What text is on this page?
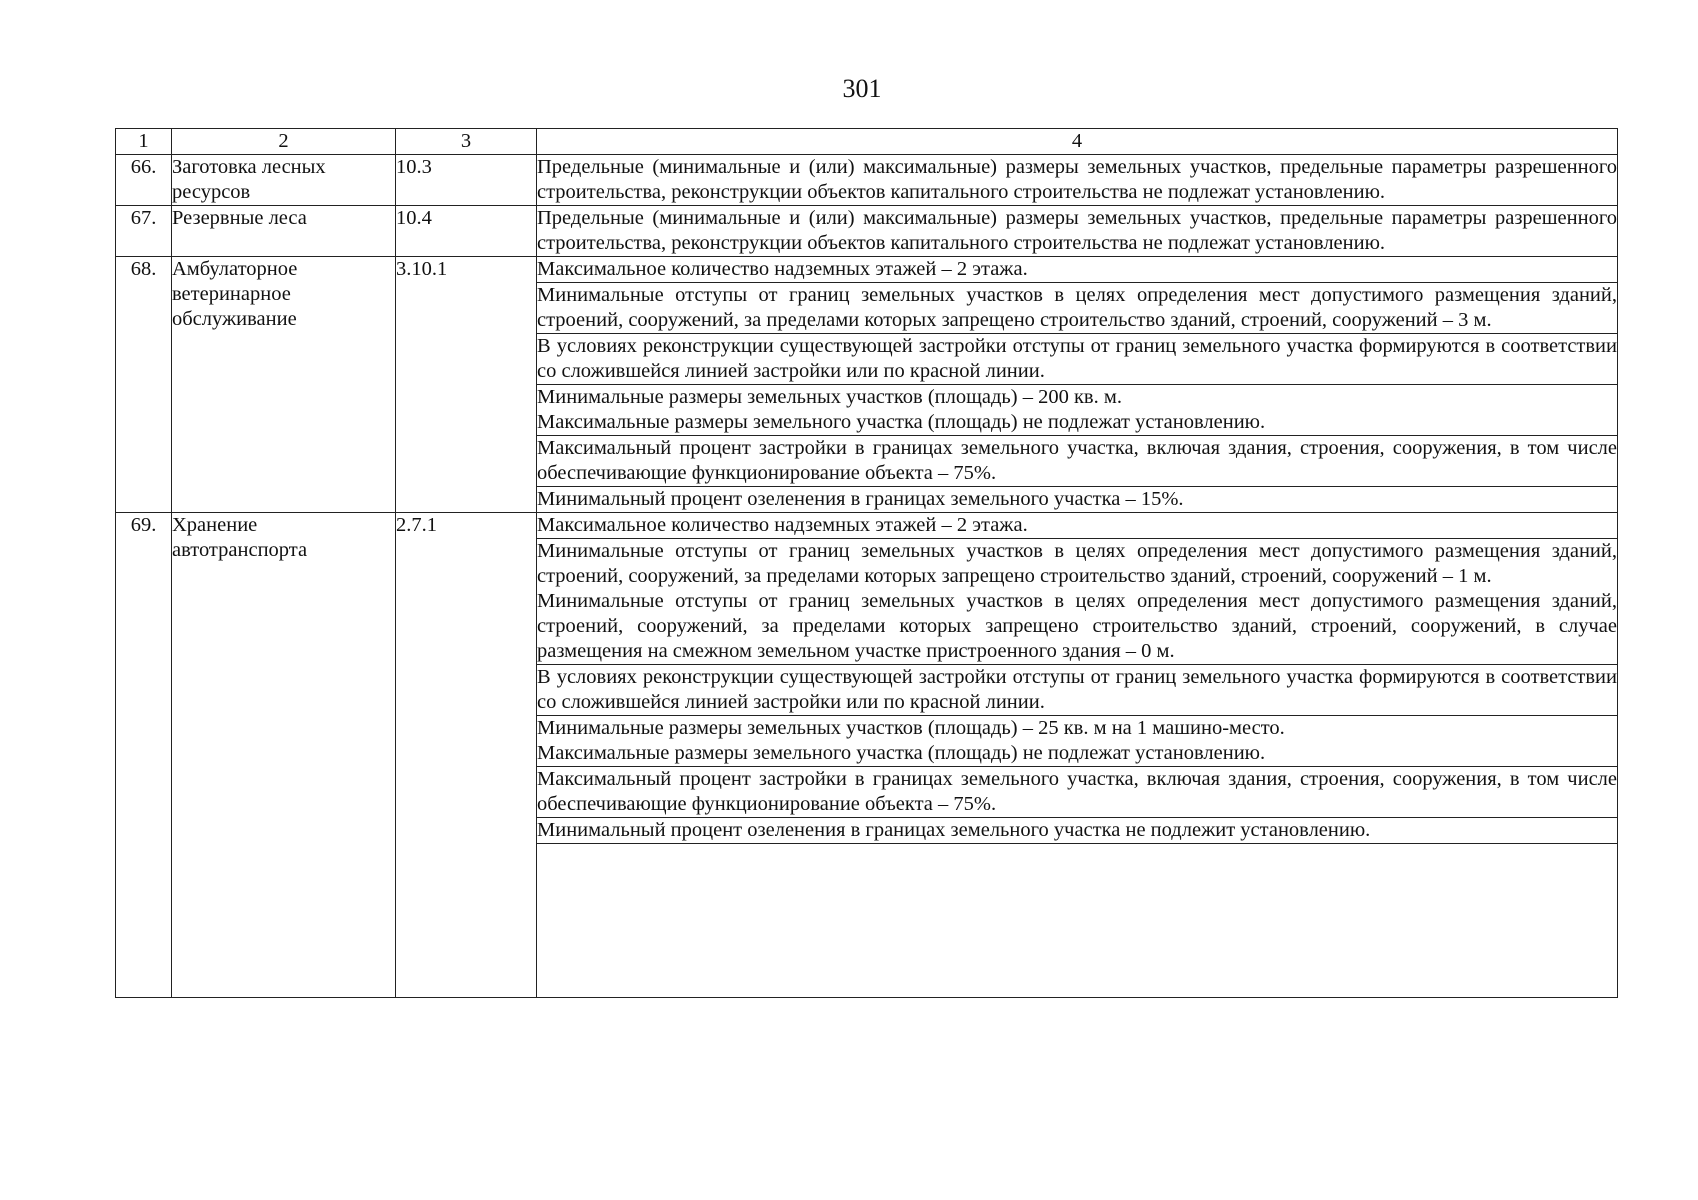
301
1	2	3	4
66.	Заготовка лесных ресурсов	10.3	Предельные (минимальные и (или) максимальные) размеры земельных участков, предельные параметры разрешенного строительства, реконструкции объектов капитального строительства не подлежат установлению.

67.	Резервные леса	10.4	Предельные (минимальные и (или) максимальные) размеры земельных участков, предельные параметры разрешенного строительства, реконструкции объектов капитального строительства не подлежат установлению.

68.	Амбулаторное ветеринарное обслуживание	3.10.1	Максимальное количество надземных этажей – 2 этажа.

			Минимальные отступы от границ земельных участков в целях определения мест допустимого размещения зданий, строений, сооружений, за пределами которых запрещено строительство зданий, строений, сооружений – 3 м.

			В условиях реконструкции существующей застройки отступы от границ земельного участка формируются в соответствии со сложившейся линией застройки или по красной линии.

			Минимальные размеры земельных участков (площадь) – 200 кв. м.
Максимальные размеры земельного участка (площадь) не подлежат установлению.

			Максимальный процент застройки в границах земельного участка, включая здания, строения, сооружения, в том числе обеспечивающие функционирование объекта – 75%.

			Минимальный процент озеленения в границах земельного участка – 15%.

69.	Хранение автотранспорта	2.7.1	Максимальное количество надземных этажей – 2 этажа.

			Минимальные отступы от границ земельных участков в целях определения мест допустимого размещения зданий, строений, сооружений, за пределами которых запрещено строительство зданий, строений, сооружений – 1 м.
Минимальные отступы от границ земельных участков в целях определения мест допустимого размещения зданий, строений, сооружений, за пределами которых запрещено строительство зданий, строений, сооружений, в случае размещения на смежном земельном участке пристроенного здания – 0 м.

			В условиях реконструкции существующей застройки отступы от границ земельного участка формируются в соответствии со сложившейся линией застройки или по красной линии.

			Минимальные размеры земельных участков (площадь) – 25 кв. м на 1 машино-место.
Максимальные размеры земельного участка (площадь) не подлежат установлению.

			Максимальный процент застройки в границах земельного участка, включая здания, строения, сооружения, в том числе обеспечивающие функционирование объекта – 75%.

			Минимальный процент озеленения в границах земельного участка не подлежит установлению.
